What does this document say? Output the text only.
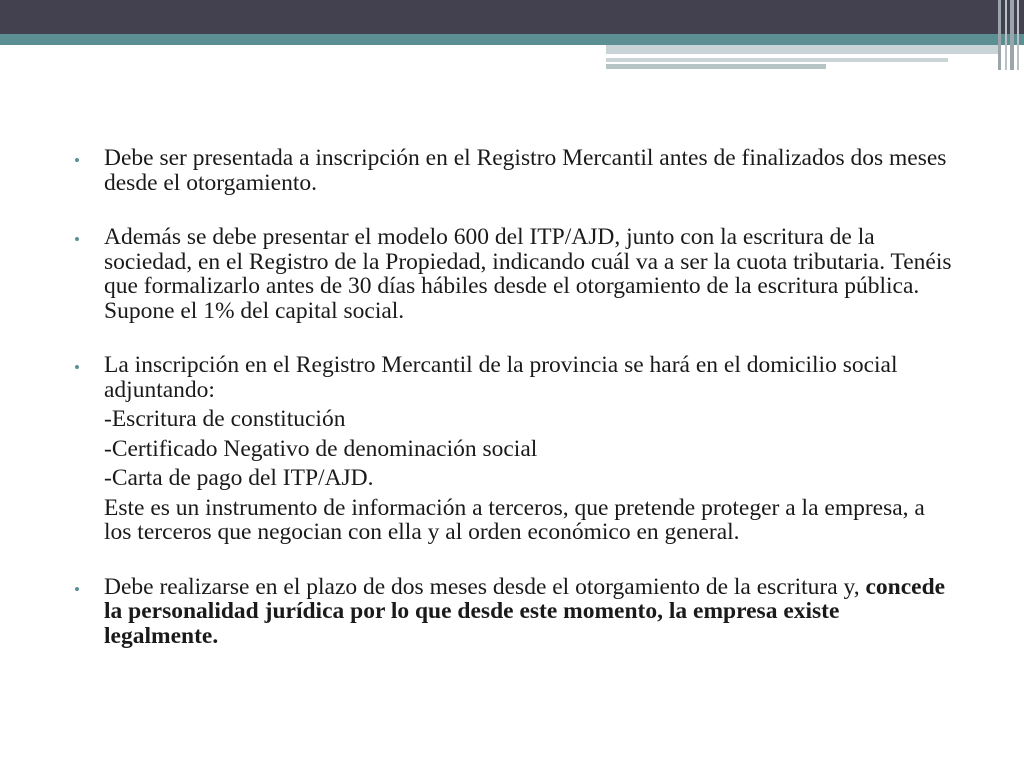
•	Debe ser presentada a inscripción en el Registro Mercantil antes de finalizados dos meses desde el otorgamiento.
•	Además se debe presentar el modelo 600 del ITP/AJD, junto con la escritura de la sociedad, en el Registro de la Propiedad, indicando cuál va a ser la cuota tributaria. Tenéis que formalizarlo antes de 30 días hábiles desde el otorgamiento de la escritura pública. Supone el 1% del capital social.
•	La inscripción en el Registro Mercantil de la provincia se hará en el domicilio social adjuntando:
-Escritura de constitución
-Certificado Negativo de denominación social
-Carta de pago del ITP/AJD.
Este es un instrumento de información a terceros, que pretende proteger a la empresa, a los terceros que negocian con ella y al orden económico en general.
•	Debe realizarse en el plazo de dos meses desde el otorgamiento de la escritura y, concede la personalidad jurídica por lo que desde este momento, la empresa existe legalmente.
